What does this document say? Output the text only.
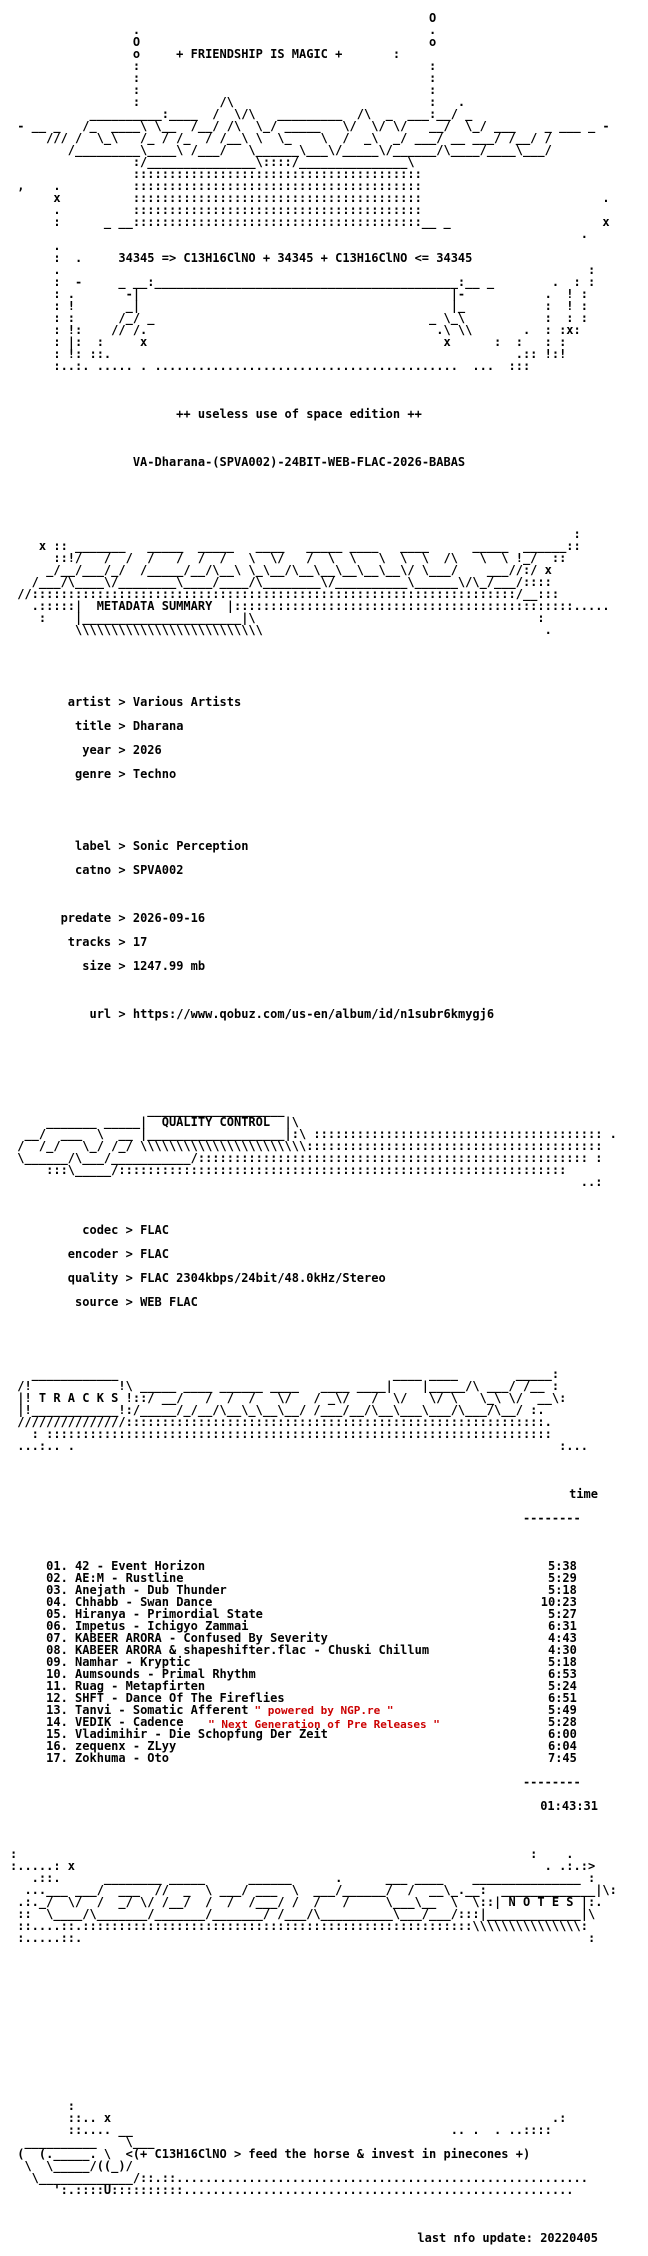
O
.                                        .
O                                        o
o	+ FRIENDSHIP IS MAGIC +	:
:                                        :
:                                        :
:                                        :
:           /\                           :   .
__________:____  /  \/\   _________  /\  _  ___:__/ _
- __ _   /_  ____\ \__  /__/ /\  \_/ _____   \/  \/ \/   __/  \_/ ___    _ ___ _ -
/// /  \_\   /_ / /_  / /__\ \  \_    \  /  _\  _/ ___/ __ ___/ /__/ /
/_________\____\ /___/   \______\___\/_____\/______/\____/____\___/
:/_______________\::::/_______________\
::::::::::::::::::::::::::::::::::::::::
,    .          ::::::::::::::::::::::::::::::::::::::::
x          ::::::::::::::::::::::::::::::::::::::::                         .
.          ::::::::::::::::::::::::::::::::::::::::
:      _ __::::::::::::::::::::::::::::::::::::::::__ _                     x
.
.
:  .	34345 => C13H16ClNO + 34345 + C13H16ClNO <= 34345
.                                                                         :
:  -     _ __:__________________________________________:__ _        .  : :
: .       -|                                           |-           .  ! :
: !       _|                                           |_           :  ! :
: :      /_/ _                                      _ \_\           :  : :
: !:    // /.                                        .\ \\       .  : :x:
: |:  :     x                                         x      :  :   : :
: !: ::.                                                        .:: !:!
:..:. ..... . ..........................................  ...  :::

++ useless use of space edition ++

VA-Dharana-(SPVA002)-24BIT-WEB-FLAC-2026-BABAS

:
x :: _______   _____  _____   ____   _____ ____   ____      _____  ______::
::!/   /  /  /   /  /  /   \  \/   /  \  \   \  \  \  /\   \  \ !_/  ::
_/__/___/_/  /_____/__/\__\ \_\__/\__\__\__\__\__\/ \___/    ___//:/ x
/___/\____\/________\____/____/\________\/__________\______\/\_/___/::::
//:::::::::::::::::::::::::::::::::::::::::::::::::::::::::::::::::::/__:::
.:::::|  METADATA SUMMARY  |:::::::::::::::::::::::::::::::::::::::::::::::.....
:    |______________________|\                                       :
\\\\\\\\\\\\\\\\\\\\\\\\\\                                       .

artist > Various Artists

title > Dharana

year > 2026

genre > Techno

label > Sonic Perception

catno > SPVA002

predate > 2026-09-16

tracks > 17

size > 1247.99 mb

url > https://www.qobuz.com/us-en/album/id/n1subr6kmygj6

___________________
_______ _____|  QUALITY CONTROL  |\
__/  ___  \  __ |___________________|:\ :::::::::::::::::::::::::::::::::::::::: .
/  /_/   \_/ /_/ \\\\\\\\\\\\\\\\\\\\\\\:::::::::::::::::::::::::::::::::::::::::
\______/\___/___________/:::::::::::::::::::::::::::::::::::::::::::::::::::::: :
:::\_____/::::::::::::::::::::::::::::::::::::::::::::::::::::::::::::::
..:

codec > FLAC

encoder > FLAC

quality > FLAC 2304kbps/24bit/48.0kHz/Stereo

source > WEB FLAC

____________                                      ____ ____        _____:
/!            !\ _____ ____ ______ ____   ____ ____|    |_____/\ ___/ /__ :
|! T R A C K S !::/ __/   /  /  /   \/   / _\/   /  \/   \/ \   \_\ \/  __\:
|!____________!:/_____/_/__/\__\_\__\__/ /___/__/\__\___\___/\___/\__/ :.
///////////////::::::::::::::::::::::::::::::::::::::::::::::::::::::::::.
: ::::::::::::::::::::::::::::::::::::::::::::::::::::::::::::::::::::::
...:.. .                                                                   :...

time

--------

01. 42 - Event Horizon	5:38
02. AE:M - Rustline	5:29
03. Anejath - Dub Thunder	5:18
04. Chhabb - Swan Dance	10:23
05. Hiranya - Primordial State	5:27
06. Impetus - Ichigyo Zammai	6:31
07. KABEER ARORA - Confused By Severity	4:43
08. KABEER ARORA & shapeshifter.flac - Chuski Chillum	4:30
09. Namhar - Kryptic	5:18
10. Aumsounds - Primal Rhythm	6:53
11. Ruag - Metapfirten	5:24
12. SHFT - Dance Of The Fireflies	6:51
13. Tanvi - Somatic Afferent	5:49
14. VEDIK - Cadence	5:28
15. Vladimihir - Die Schopfung Der Zeit	6:00
16. zequenx - ZLyy	6:04
17. Zokhuma - Oto	7:45

--------

01:43:31

:                                                                       :    .
:.....: x                                                                 . .:.:>
.::.      ________ _____      ______      .      ___ ____    _______________ :
...___ ___/  ___  //  _  \ ___/ ___  \  ___/______/  /  __\_.__:  _____________|\:
.:._/  \/  /  _/ \/ /__/  /  /  /___/ /  /   /     \___\__  \  \::| N O T E S |:.
::  \____/\_______/_______/_______/ /___/\__________\___/___/:::|_____________|\
::....::.::::::::::::::::::::::::::::::::::::::::::::::::::::::\\\\\\\\\\\\\\\:
:.....::.                                                                      :

:
::.. x                                                             .:
::.... __                                            .. .  . ..::::
__________    \___
(  (._____. \  <(+ C13H16ClNO > feed the horse & invest in pinecones +)
\  \_____/((_)/
\_____________/::.::.........................................................
':.::::U::::::::::......................................................

last nfo update: 20220405

" powered by NGP.re "
" Next Generation of Pre Releases "
